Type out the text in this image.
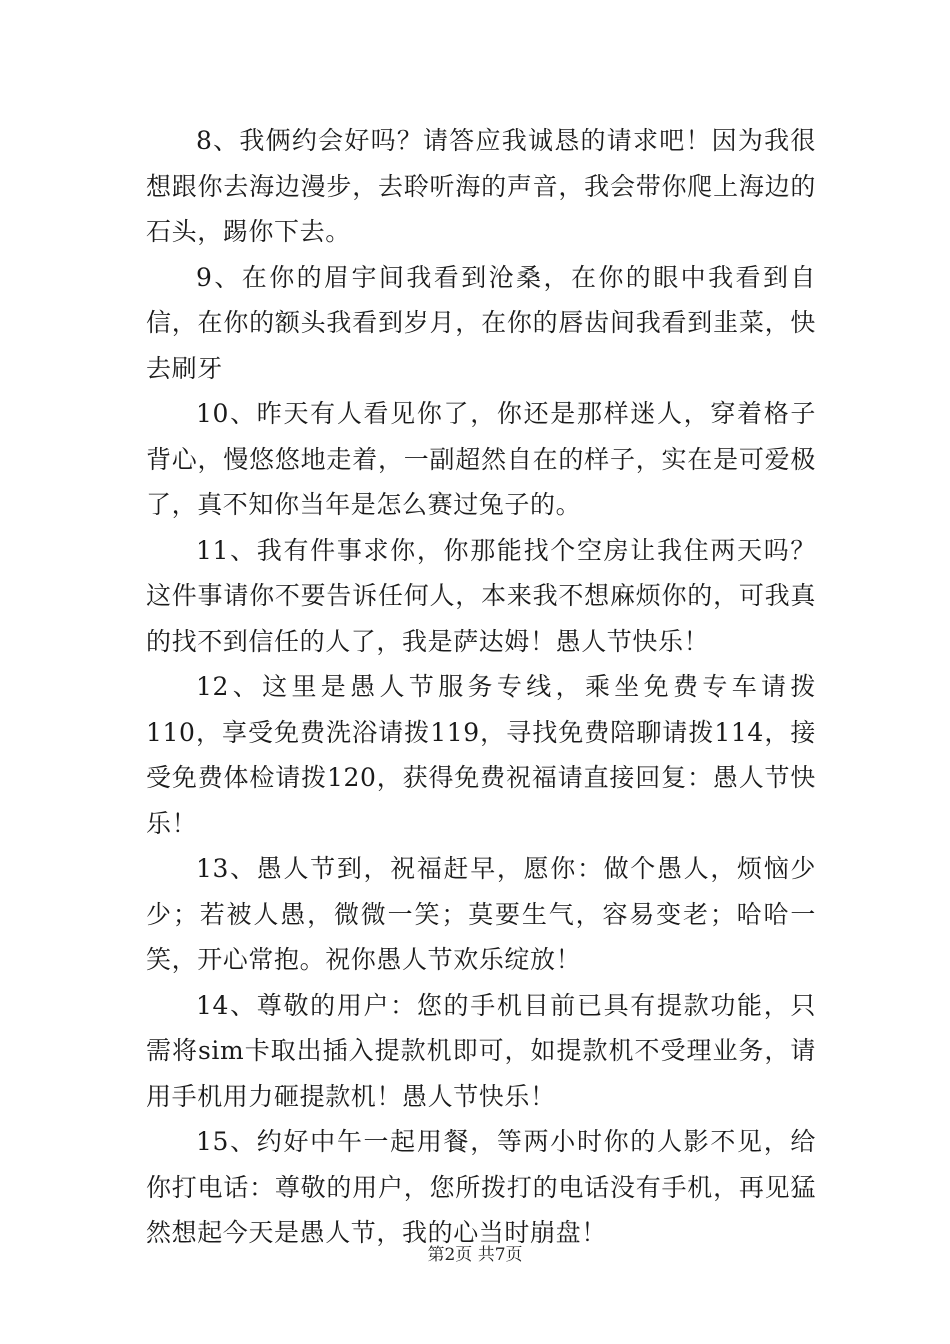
8、我俩约会好吗？请答应我诚恳的请求吧！因为我很想跟你去海边漫步，去聆听海的声音，我会带你爬上海边的石头，踢你下去。

9、在你的眉宇间我看到沧桑，在你的眼中我看到自信，在你的额头我看到岁月，在你的唇齿间我看到韭菜，快去刷牙

10、昨天有人看见你了，你还是那样迷人，穿着格子背心，慢悠悠地走着，一副超然自在的样子，实在是可爱极了，真不知你当年是怎么赛过兔子的。

11、我有件事求你，你那能找个空房让我住两天吗？这件事请你不要告诉任何人，本来我不想麻烦你的，可我真的找不到信任的人了，我是萨达姆！愚人节快乐！

12、这里是愚人节服务专线，乘坐免费专车请拨110，享受免费洗浴请拨119，寻找免费陪聊请拨114，接受免费体检请拨120，获得免费祝福请直接回复：愚人节快乐！

13、愚人节到，祝福赶早，愿你：做个愚人，烦恼少少；若被人愚，微微一笑；莫要生气，容易变老；哈哈一笑，开心常抱。祝你愚人节欢乐绽放！

14、尊敬的用户：您的手机目前已具有提款功能，只需将sim卡取出插入提款机即可，如提款机不受理业务，请用手机用力砸提款机！愚人节快乐！

15、约好中午一起用餐，等两小时你的人影不见，给你打电话：尊敬的用户，您所拨打的电话没有手机，再见猛然想起今天是愚人节，我的心当时崩盘！

第2页 共7页
